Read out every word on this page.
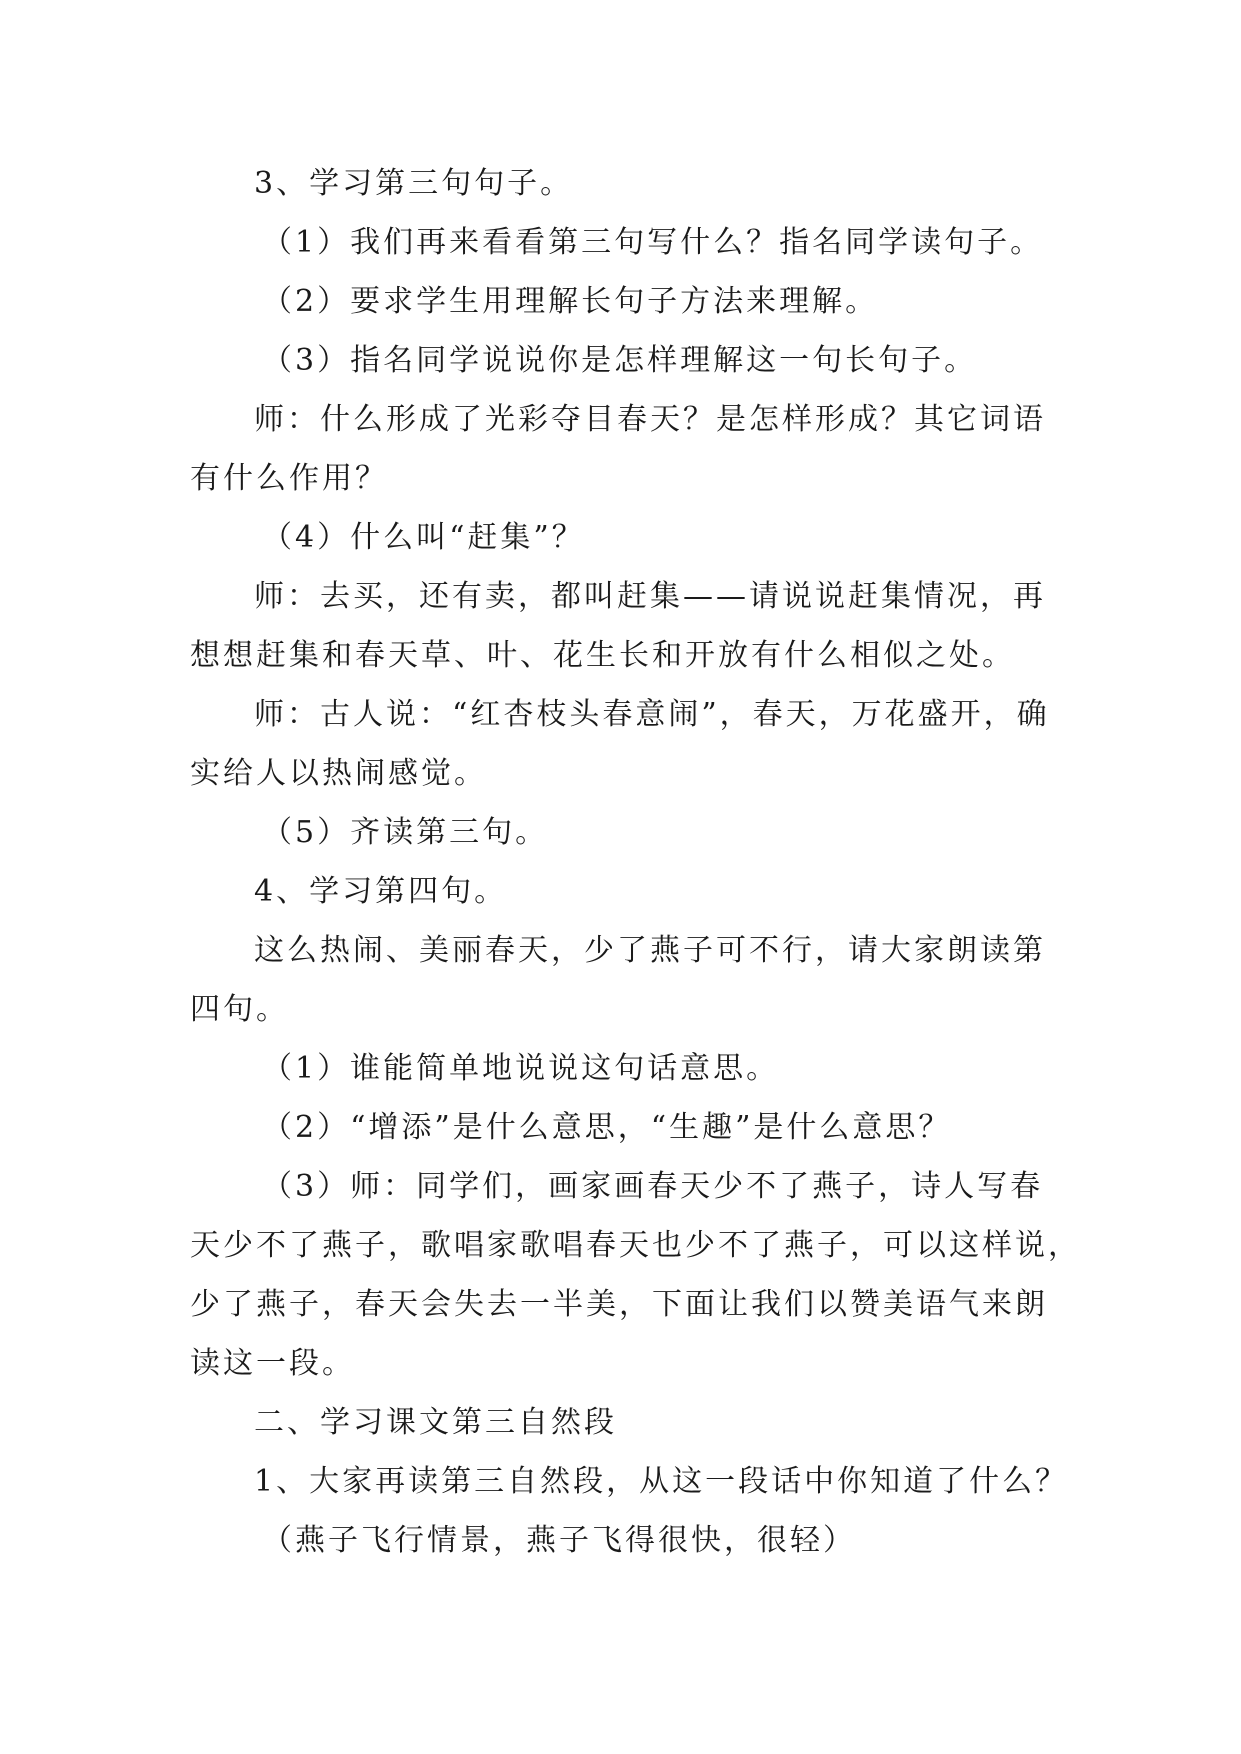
3、学习第三句句子。

（1）我们再来看看第三句写什么？指名同学读句子。

（2）要求学生用理解长句子方法来理解。

（3）指名同学说说你是怎样理解这一句长句子。

师：什么形成了光彩夺目春天？是怎样形成？其它词语

有什么作用？

（4）什么叫“赶集”？

师：去买，还有卖，都叫赶集——请说说赶集情况，再

想想赶集和春天草、叶、花生长和开放有什么相似之处。

师：古人说：“红杏枝头春意闹”，春天，万花盛开，确

实给人以热闹感觉。

（5）齐读第三句。

4、学习第四句。

这么热闹、美丽春天，少了燕子可不行，请大家朗读第

四句。

（1）谁能简单地说说这句话意思。

（2）“增添”是什么意思，“生趣”是什么意思？

（3）师：同学们，画家画春天少不了燕子，诗人写春

天少不了燕子，歌唱家歌唱春天也少不了燕子，可以这样说，

少了燕子，春天会失去一半美，下面让我们以赞美语气来朗

读这一段。

二、学习课文第三自然段

1、大家再读第三自然段，从这一段话中你知道了什么？

（燕子飞行情景，燕子飞得很快，很轻）
